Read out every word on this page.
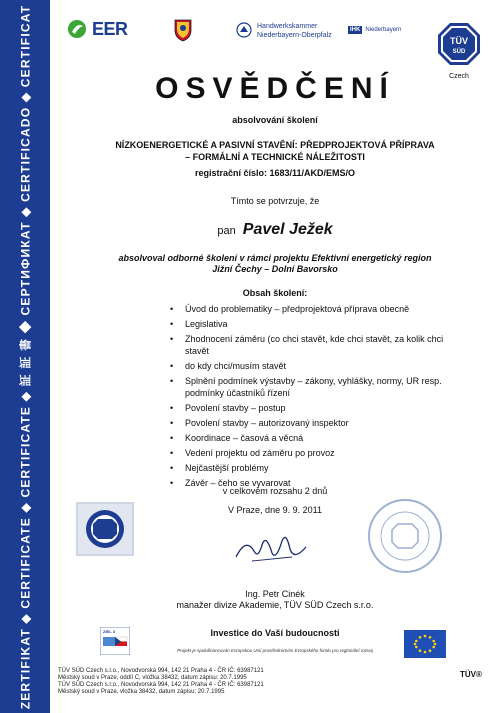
ZERTIFIKAT ◆ CERTIFICATE ◆ CERTIFICATE ◆ 証 証 書 ◆ СЕРТИФИКАТ ◆ CERTIFICADO ◆ CERTIFICAT	EER	Handwerkskammer
Niederbayern-Oberpfalz
IHK Niederbayern
TÜV
SÜD
Czech
OSVĚDČENÍ
absolvování školení
NÍZKOENERGETICKÉ A PASIVNÍ STAVĚNÍ: PŘEDPROJEKTOVÁ PŘÍPRAVA
– FORMÁLNÍ A TECHNICKÉ NÁLEŽITOSTI
registrační číslo: 1683/11/AKD/EMS/O
Tímto se potvrzuje, že
pan Pavel Ježek
absolvoval odborné školení v rámci projektu Efektivní energetický region
Jižní Čechy – Dolní Bavorsko
Obsah školení:
• Úvod do problematiky – předprojektová příprava obecně
• Legislativa
• Zhodnocení záměru (co chci stavět, kde chci stavět, za kolik chci stavět
• do kdy chci/musím stavět
• Splnění podmínek výstavby – zákony, vyhlášky, normy, UR resp. podmínky účastníků řízení
• Povolení stavby – postup
• Povolení stavby – autorizovaný inspektor
• Koordinace – časová a věcná
• Vedení projektu od záměru po provoz
• Nejčastější problémy
• Závěr – čeho se vyvarovat
v celkovém rozsahu 2 dnů
V Praze, dne 9. 9. 2011
Ing. Petr Cinék
manažer divize Akademie, TÜV SÜD Czech s.r.o.
ZIEL 3	Investice do Vaší budoucnosti
Projekt je spolufinancován Evropskou Unií prostřednictvím Evropského fondu pro regionální rozvoj
TÜV SÜD Czech s.r.o., Novodvorská 994, 142 21 Praha 4 - ČR IČ: 63987121
Městský soud v Praze, oddíl C, vložka 38432, datum zápisu: 20.7.1995
TÜV SÜD Czech s.r.o., Novodvorská 994, 142 21 Praha 4 - ČR IČ: 63987121
Městský soud v Praze, vložka 38432, datum zápisu: 20.7.1995
TÜV®
